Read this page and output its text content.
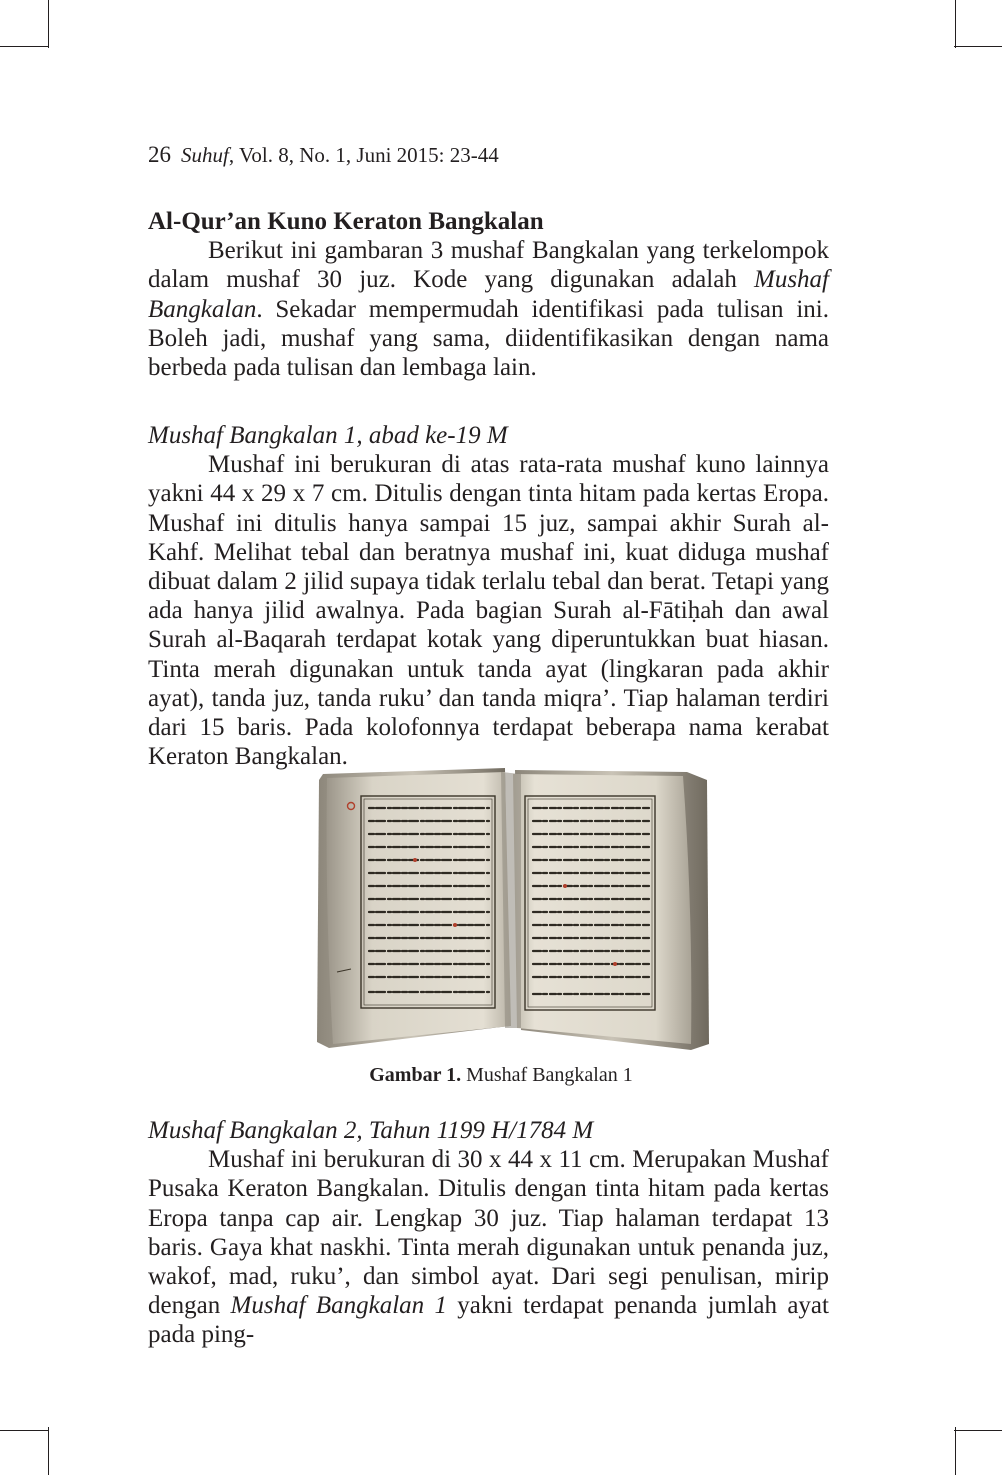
26 Suhuf, Vol. 8, No. 1, Juni 2015: 23-44
Al-Qur’an Kuno Keraton Bangkalan

Berikut ini gambaran 3 mushaf Bangkalan yang terkelompok dalam mushaf 30 juz. Kode yang digunakan adalah Mushaf Bangkalan. Sekadar mempermudah identifikasi pada tulisan ini. Boleh jadi, mushaf yang sama, diidentifikasikan dengan nama berbeda pada tulisan dan lembaga lain.

Mushaf Bangkalan 1, abad ke-19 M

Mushaf ini berukuran di atas rata-rata mushaf kuno lainnya yakni 44 x 29 x 7 cm. Ditulis dengan tinta hitam pada kertas Eropa. Mushaf ini ditulis hanya sampai 15 juz, sampai akhir Surah al-Kahf. Melihat tebal dan beratnya mushaf ini, kuat diduga mushaf dibuat dalam 2 jilid supaya tidak terlalu tebal dan berat. Tetapi yang ada hanya jilid awalnya. Pada bagian Surah al-Fātiḥah dan awal Surah al-Baqarah terdapat kotak yang diperuntukkan buat hiasan. Tinta merah digunakan untuk tanda ayat (lingkaran pada akhir ayat), tanda juz, tanda ruku’ dan tanda miqra’. Tiap halaman terdiri dari 15 baris. Pada kolofonnya terdapat beberapa nama kerabat Keraton Bangkalan.

Gambar 1. Mushaf Bangkalan 1
Mushaf Bangkalan 2, Tahun 1199 H/1784 M

Mushaf ini berukuran di 30 x 44 x 11 cm. Merupakan Mushaf Pusaka Keraton Bangkalan. Ditulis dengan tinta hitam pada kertas Eropa tanpa cap air. Lengkap 30 juz. Tiap halaman terdapat 13 baris. Gaya khat naskhi. Tinta merah digunakan untuk penanda juz, wakof, mad, ruku’, dan simbol ayat. Dari segi penulisan, mirip dengan Mushaf Bangkalan 1 yakni terdapat penanda jumlah ayat pada ping-
